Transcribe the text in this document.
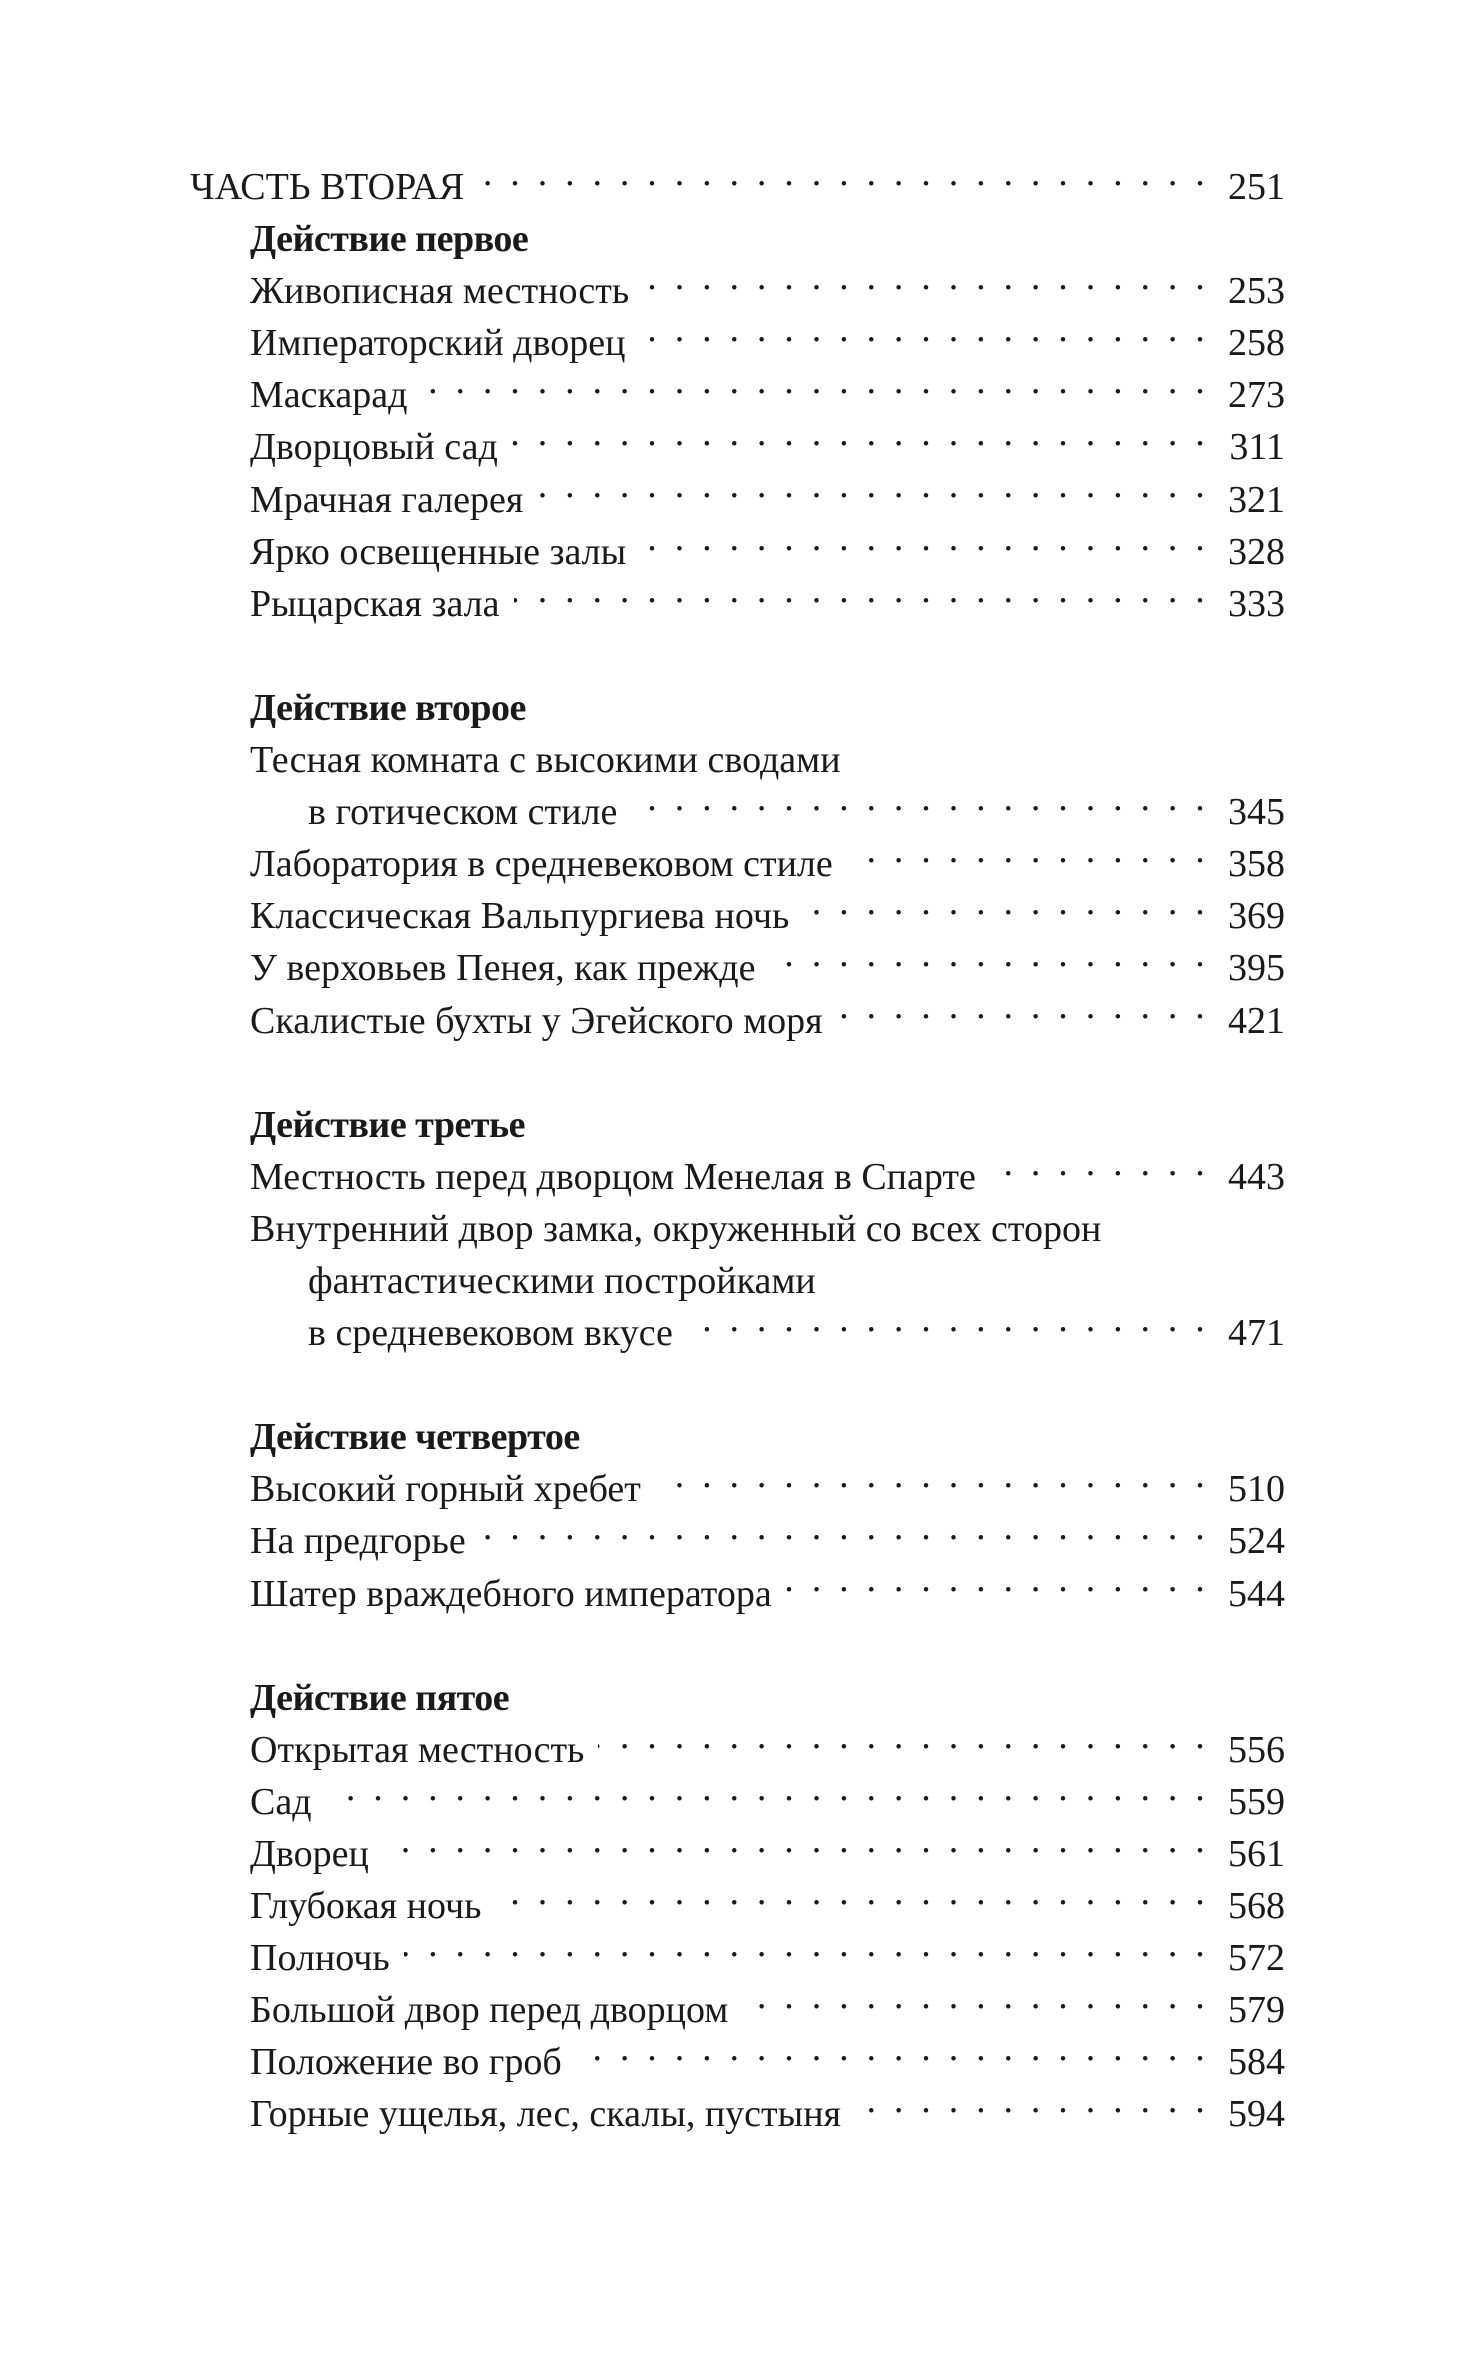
ЧАСТЬ ВТОРАЯ . . .	251
Действие первое
Живописная местность . . .	253
Императорский дворец . . .	258
Маскарад . . .	273
Дворцовый сад . . .	311
Мрачная галерея . . .	321
Ярко освещенные залы . . .	328
Рыцарская зала . . .	333
Действие второе
Тесная комната с высокими сводами
в готическом стиле . . .	345
Лаборатория в средневековом стиле . . .	358
Классическая Вальпургиева ночь . . .	369
У верховьев Пенея, как прежде . . .	395
Скалистые бухты у Эгейского моря . . .	421
Действие третье
Местность перед дворцом Менелая в Спарте . . .	443
Внутренний двор замка, окруженный со всех сторон
фантастическими постройками
в средневековом вкусе . . .	471
Действие четвертое
Высокий горный хребет . . .	510
На предгорье . . .	524
Шатер враждебного императора . . .	544
Действие пятое
Открытая местность . . .	556
Сад . . .	559
Дворец . . .	561
Глубокая ночь . . .	568
Полночь . . .	572
Большой двор перед дворцом . . .	579
Положение во гроб . . .	584
Горные ущелья, лес, скалы, пустыня . . .	594
